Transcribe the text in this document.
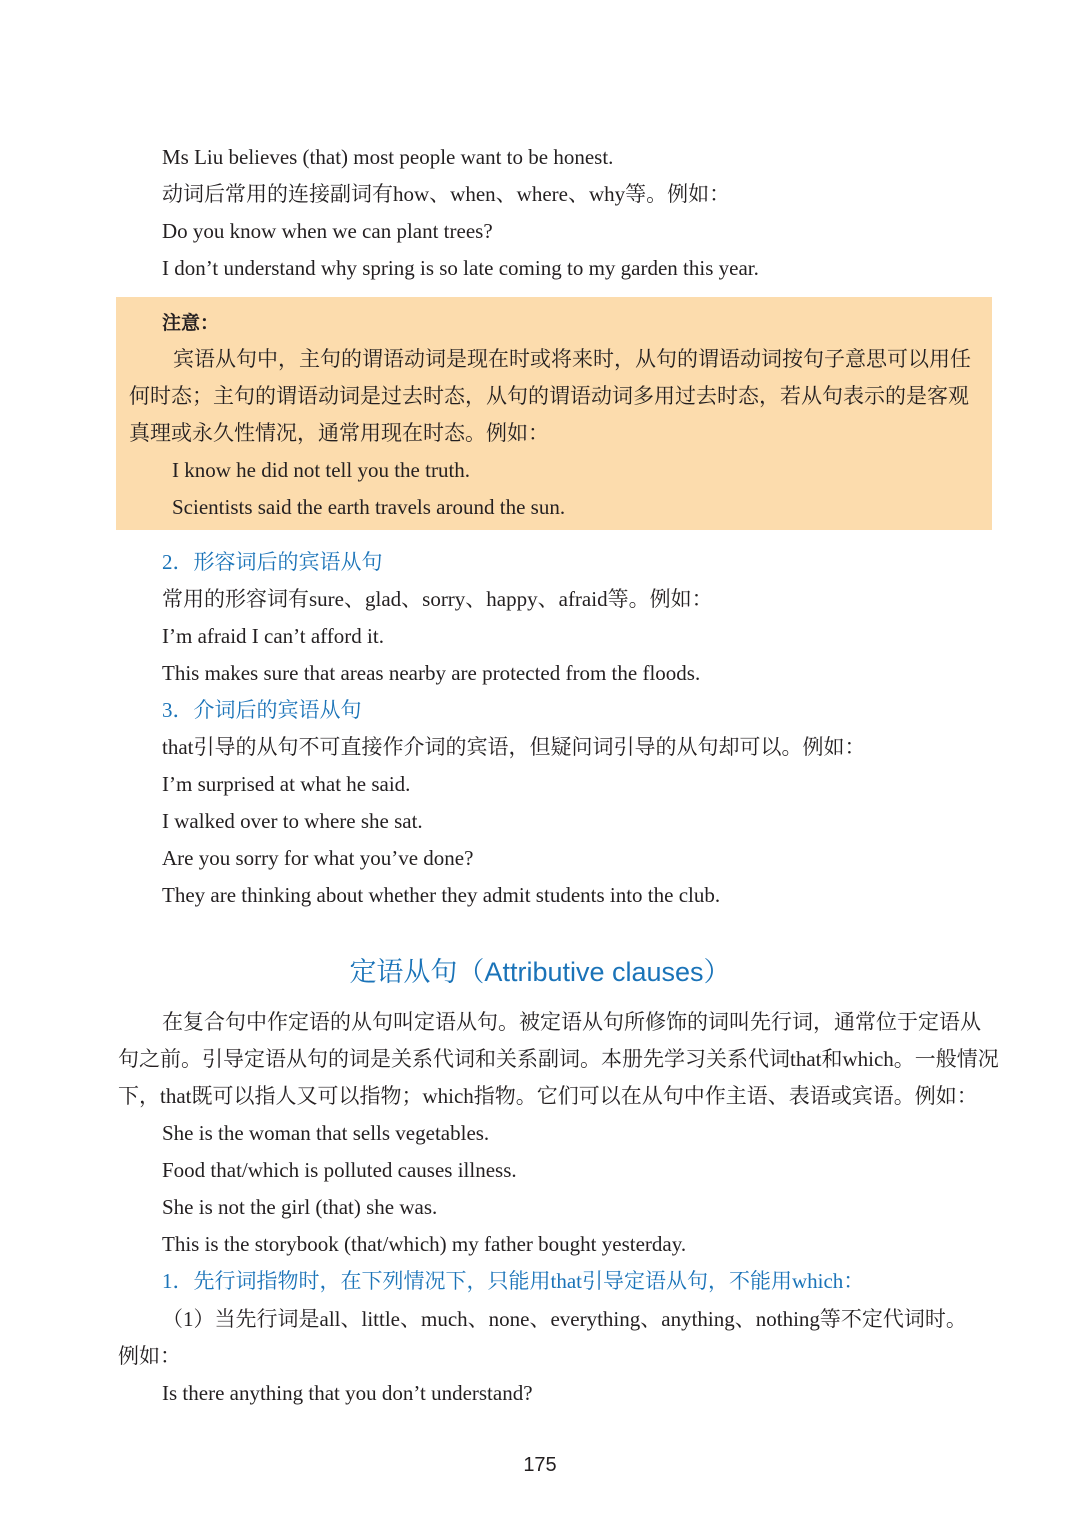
Ms Liu believes (that) most people want to be honest.

动词后常用的连接副词有how、when、where、why等。例如：

Do you know when we can plant trees?

I don’t understand why spring is so late coming to my garden this year.

注意：

宾语从句中，主句的谓语动词是现在时或将来时，从句的谓语动词按句子意思可以用任

何时态；主句的谓语动词是过去时态，从句的谓语动词多用过去时态，若从句表示的是客观

真理或永久性情况，通常用现在时态。例如：

I know he did not tell you the truth.

Scientists said the earth travels around the sun.

2．形容词后的宾语从句

常用的形容词有sure、glad、sorry、happy、afraid等。例如：

I’m afraid I can’t afford it.

This makes sure that areas nearby are protected from the floods.

3．介词后的宾语从句

that引导的从句不可直接作介词的宾语，但疑问词引导的从句却可以。例如：

I’m surprised at what he said.

I walked over to where she sat.

Are you sorry for what you’ve done?

They are thinking about whether they admit students into the club.

定语从句（Attributive clauses）

在复合句中作定语的从句叫定语从句。被定语从句所修饰的词叫先行词，通常位于定语从

句之前。引导定语从句的词是关系代词和关系副词。本册先学习关系代词that和which。一般情况

下，that既可以指人又可以指物；which指物。它们可以在从句中作主语、表语或宾语。例如：

She is the woman that sells vegetables.

Food that/which is polluted causes illness.

She is not the girl (that) she was.

This is the storybook (that/which) my father bought yesterday.

1．先行词指物时，在下列情况下，只能用that引导定语从句，不能用which：

（1）当先行词是all、little、much、none、everything、anything、nothing等不定代词时。

例如：

Is there anything that you don’t understand?

175
